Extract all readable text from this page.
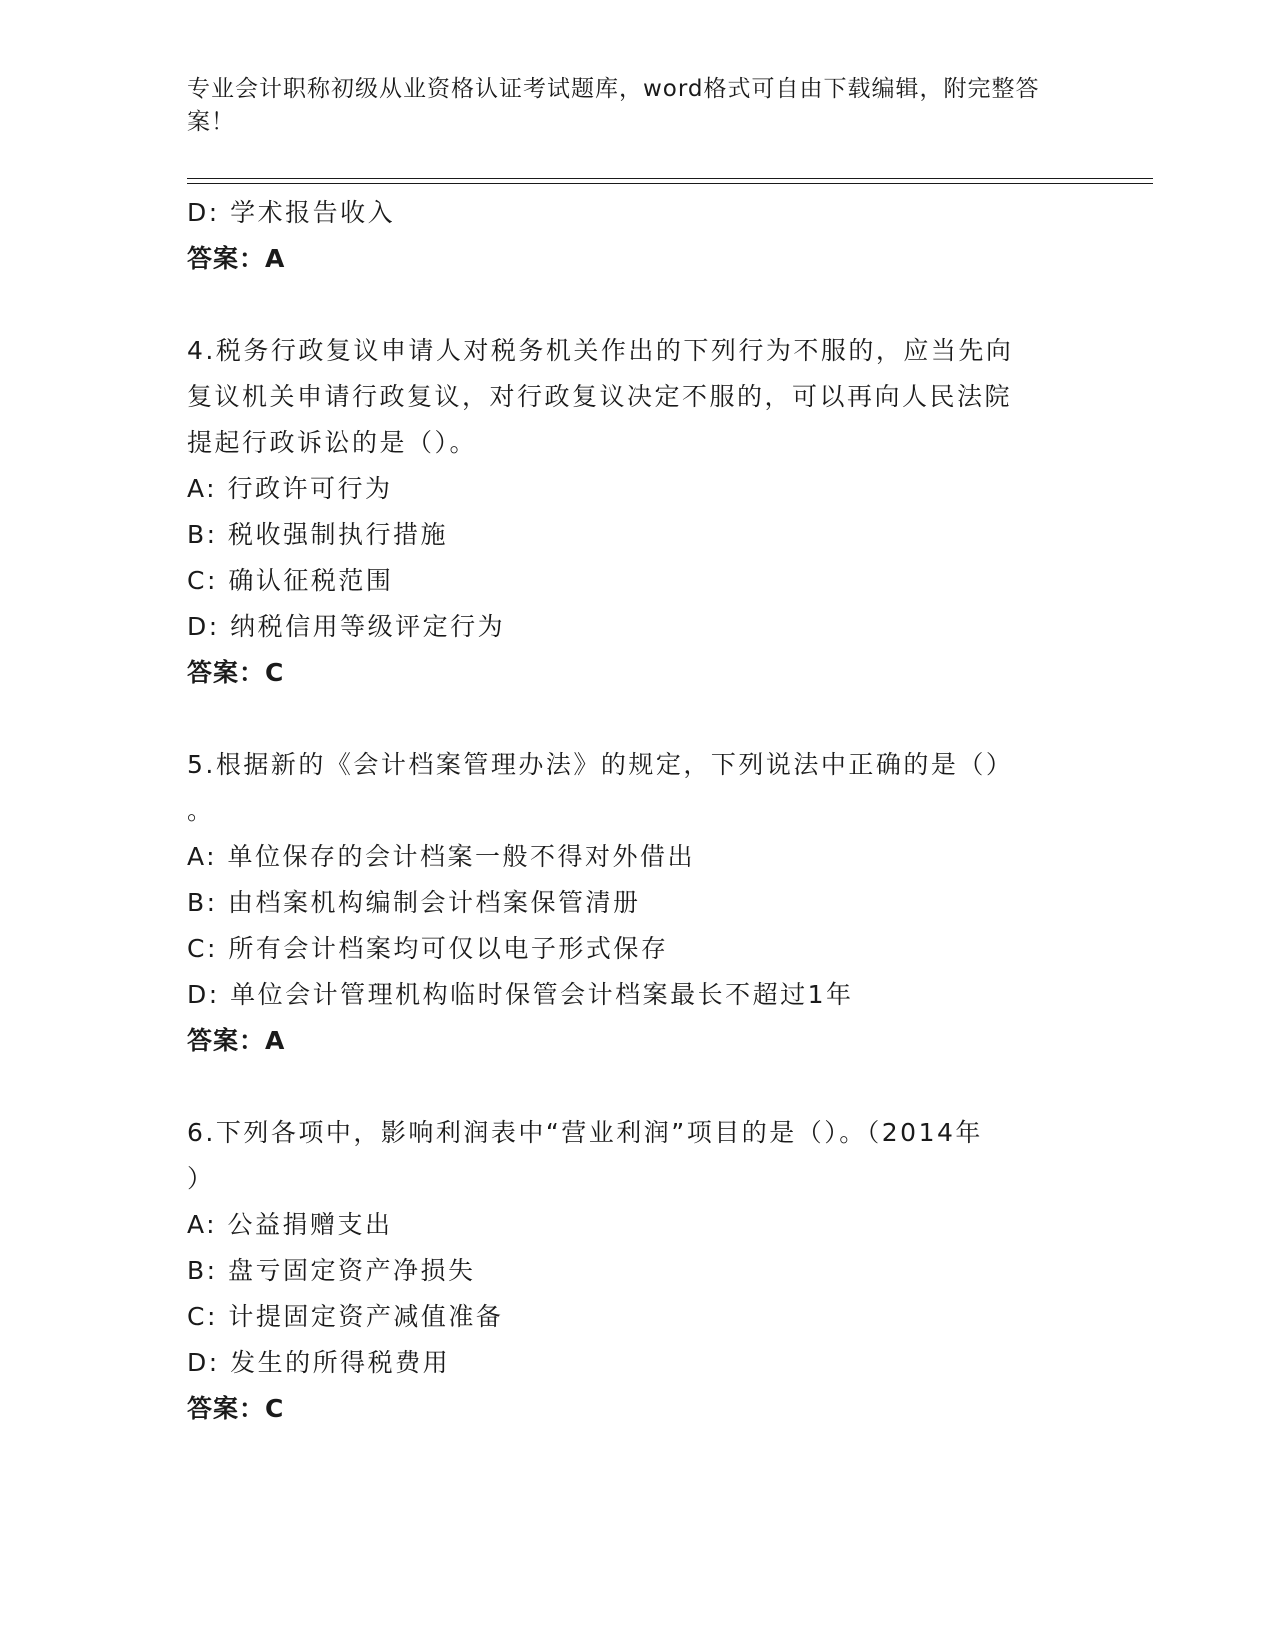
专业会计职称初级从业资格认证考试题库，word格式可自由下载编辑，附完整答案！
D: 学术报告收入
答案：A
4.税务行政复议申请人对税务机关作出的下列行为不服的，应当先向
复议机关申请行政复议，对行政复议决定不服的，可以再向人民法院
提起行政诉讼的是（）。
A: 行政许可行为
B: 税收强制执行措施
C: 确认征税范围
D: 纳税信用等级评定行为
答案：C
5.根据新的《会计档案管理办法》的规定，下列说法中正确的是（）
。
A: 单位保存的会计档案一般不得对外借出
B: 由档案机构编制会计档案保管清册
C: 所有会计档案均可仅以电子形式保存
D: 单位会计管理机构临时保管会计档案最长不超过1年
答案：A
6.下列各项中，影响利润表中“营业利润”项目的是（）。（2014年
）
A: 公益捐赠支出
B: 盘亏固定资产净损失
C: 计提固定资产减值准备
D: 发生的所得税费用
答案：C
